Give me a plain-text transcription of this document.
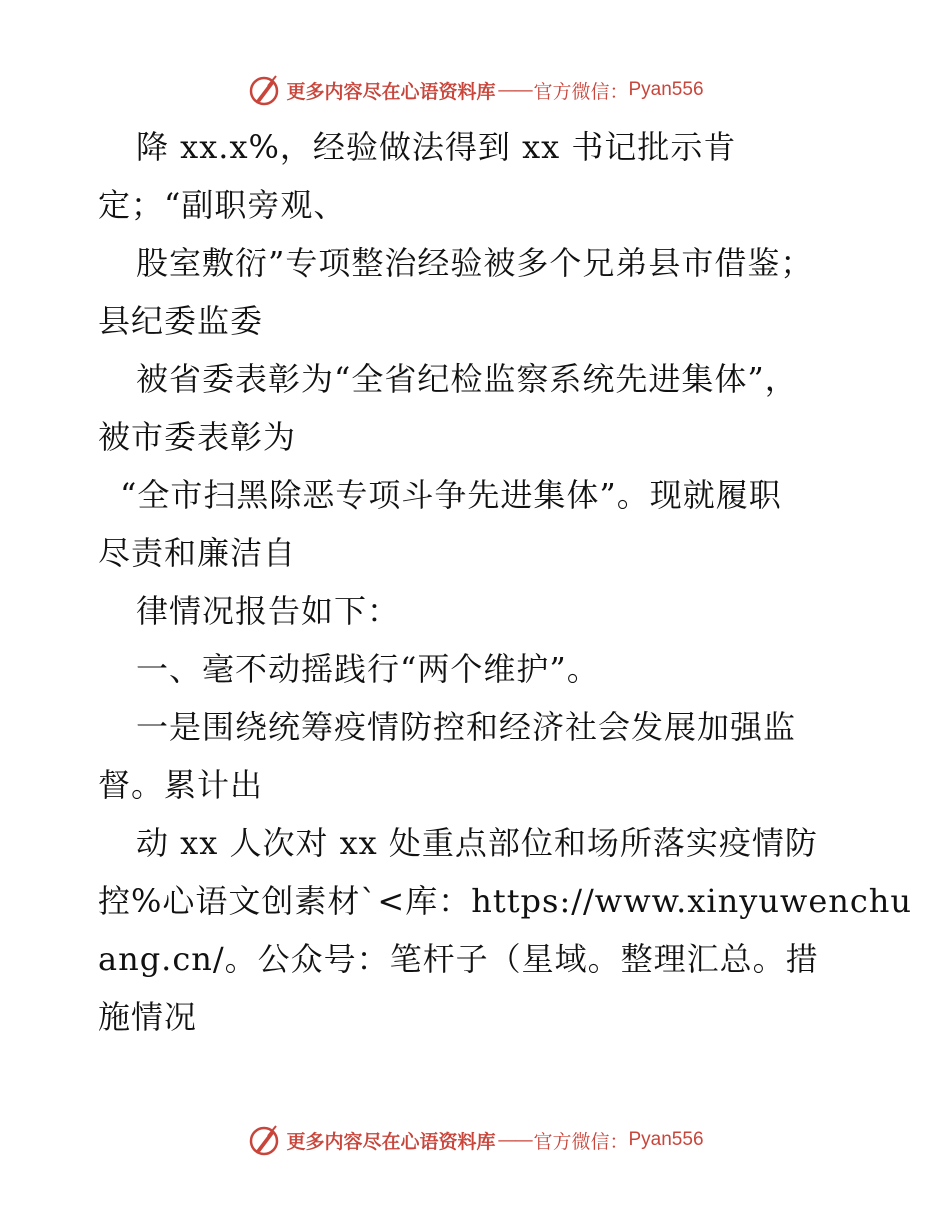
更多内容尽在心语资料库 —— 官方微信： Pyan556
降 xx.x%，经验做法得到 xx 书记批示肯
定；“副职旁观、
股室敷衍”专项整治经验被多个兄弟县市借鉴；
县纪委监委
被省委表彰为“全省纪检监察系统先进集体”，
被市委表彰为
“全市扫黑除恶专项斗争先进集体”。现就履职
尽责和廉洁自
律情况报告如下：
一、毫不动摇践行“两个维护”。
一是围绕统筹疫情防控和经济社会发展加强监
督。累计出
动 xx 人次对 xx 处重点部位和场所落实疫情防
控%心语文创素材`<库：https://www.xinyuwenchu
ang.cn/。公众号：笔杆子（星域。整理汇总。措
施情况
更多内容尽在心语资料库 —— 官方微信： Pyan556
